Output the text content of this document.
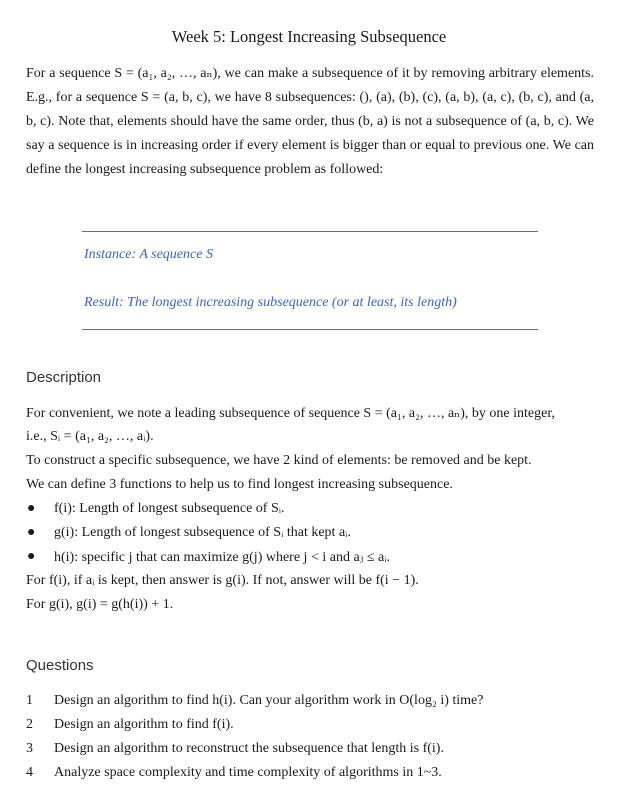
Week 5: Longest Increasing Subsequence

For a sequence S = (a₁, a₂, …, aₙ), we can make a subsequence of it by removing arbitrary elements. E.g., for a sequence S = (a, b, c), we have 8 subsequences: (), (a), (b), (c), (a, b), (a, c), (b, c), and (a, b, c). Note that, elements should have the same order, thus (b, a) is not a subsequence of (a, b, c). We say a sequence is in increasing order if every element is bigger than or equal to previous one. We can define the longest increasing subsequence problem as followed:

Instance: A sequence S
Result: The longest increasing subsequence (or at least, its length)
Description
For convenient, we note a leading subsequence of sequence S = (a₁, a₂, …, aₙ), by one integer,
i.e., Sᵢ = (a₁, a₂, …, aᵢ).
To construct a specific subsequence, we have 2 kind of elements: be removed and be kept.
We can define 3 functions to help us to find longest increasing subsequence.
● f(i): Length of longest subsequence of Sᵢ.
● g(i): Length of longest subsequence of Sᵢ that kept aᵢ.
● h(i): specific j that can maximize g(j) where j < i and aⱼ ≤ aᵢ.
For f(i), if aᵢ is kept, then answer is g(i). If not, answer will be f(i − 1).
For g(i), g(i) = g(h(i)) + 1.
Questions
1 Design an algorithm to find h(i). Can your algorithm work in O(log₂ i) time?
2 Design an algorithm to find f(i).
3 Design an algorithm to reconstruct the subsequence that length is f(i).
4 Analyze space complexity and time complexity of algorithms in 1~3.
